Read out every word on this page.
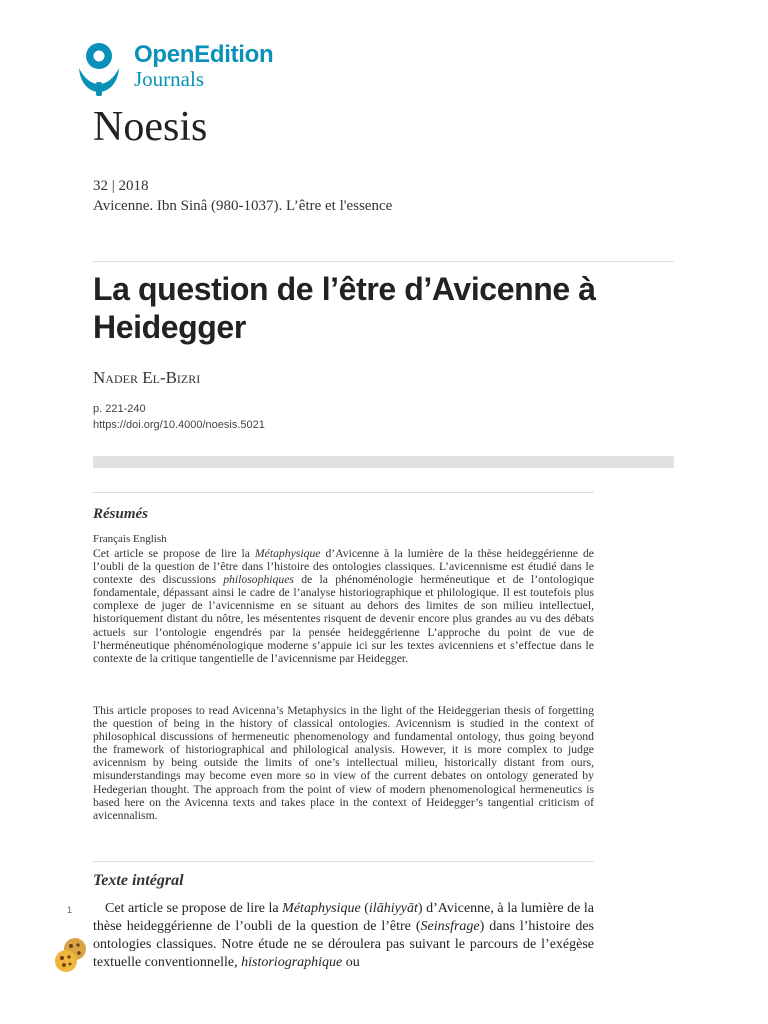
OpenEdition
Journals
Noesis
32 | 2018
Avicenne. Ibn Sinâ (980-1037). L’être et l'essence
La question de l’être d’Avicenne à Heidegger
Nader El-Bizri
p. 221-240
https://doi.org/10.4000/noesis.5021
Résumés
Français English

Cet article se propose de lire la Métaphysique d’Avicenne à la lumière de la thèse heideggérienne de l’oubli de la question de l’être dans l’histoire des ontologies classiques. L’avicennisme est étudié dans le contexte des discussions philosophiques de la phénoménologie herméneutique et de l’ontologique fondamentale, dépassant ainsi le cadre de l’analyse historiographique et philologique. Il est toutefois plus complexe de juger de l’avicennisme en se situant au dehors des limites de son milieu intellectuel, historiquement distant du nôtre, les mésententes risquent de devenir encore plus grandes au vu des débats actuels sur l’ontologie engendrés par la pensée heideggérienne L’approche du point de vue de l’herméneutique phénoménologique moderne s’appuie ici sur les textes avicenniens et s’effectue dans le contexte de la critique tangentielle de l’avicennisme par Heidegger.

This article proposes to read Avicenna’s Metaphysics in the light of the Heideggerian thesis of forgetting the question of being in the history of classical ontologies. Avicennism is studied in the context of philosophical discussions of hermeneutic phenomenology and fundamental ontology, thus going beyond the framework of historiographical and philological analysis. However, it is more complex to judge avicennism by being outside the limits of one’s intellectual milieu, historically distant from ours, misunderstandings may become even more so in view of the current debates on ontology generated by Hedegerian thought. The approach from the point of view of modern phenomenological hermeneutics is based here on the Avicenna texts and takes place in the context of Heidegger’s tangential criticism of avicennalism.

Texte intégral
1	Cet article se propose de lire la Métaphysique (ilāhiyyāt) d’Avicenne, à la lumière de la thèse heideggérienne de l’oubli de la question de l’être (Seinsfrage) dans l’histoire des ontologies classiques. Notre étude ne se déroulera pas suivant le parcours de l’exégèse textuelle conventionnelle, historiographique ou
